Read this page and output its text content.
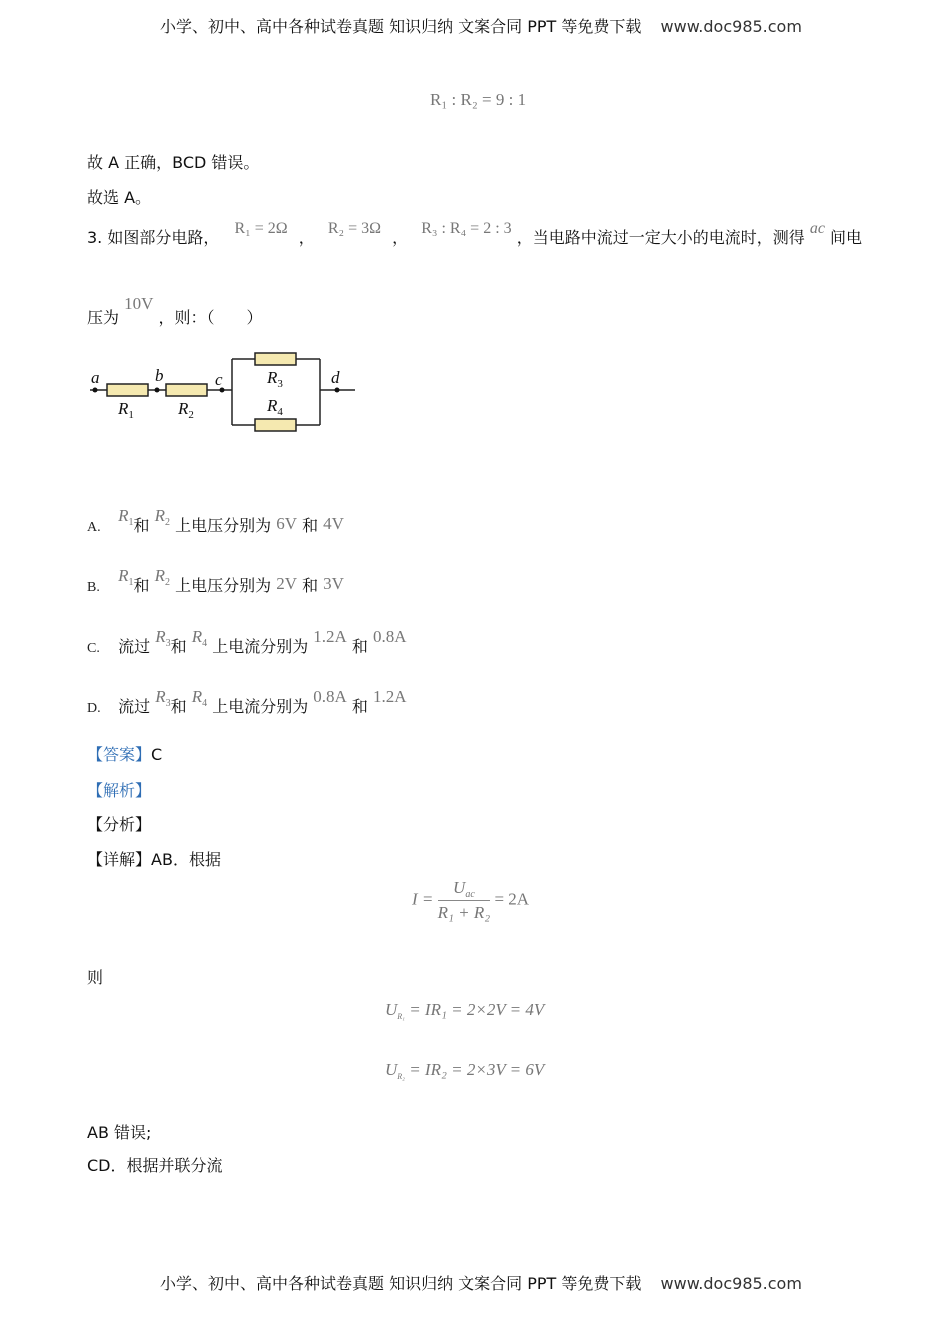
小学、初中、高中各种试卷真题 知识归纳 文案合同 PPT 等免费下载 www.doc985.com
R₁ : R₂ = 9 : 1
故 A 正确，BCD 错误。
故选 A。
3. 如图部分电路， R₁ = 2Ω ， R₂ = 3Ω ， R₃ : R₄ = 2 : 3 ，当电路中流过一定大小的电流时，测得 ac 间电
压为 10V ，则：（　　）
a	b	c	d
$R_1$	$R_2$
$R_3$
$R_4$
A. $R_1$和 $R_2$ 上电压分别为 6V 和 4V
B. $R_1$和 $R_2$ 上电压分别为 2V 和 3V
C. 流过 $R_3$和 $R_4$ 上电流分别为 1.2A 和 0.8A
D. 流过 $R_3$和 $R_4$ 上电流分别为 0.8A 和 1.2A
【答案】C
【解析】
【分析】
【详解】AB．根据
$I = \frac{U_{ac}}{\text{R₁ + R₂}} = 2A$
则
$U_{R_1} = IR_1 = 2\times 2V = 4V$
$U_{R_2} = IR_2 = 2\times 3V = 6V$
AB 错误;
CD．根据并联分流
小学、初中、高中各种试卷真题 知识归纳 文案合同 PPT 等免费下载 www.doc985.com
